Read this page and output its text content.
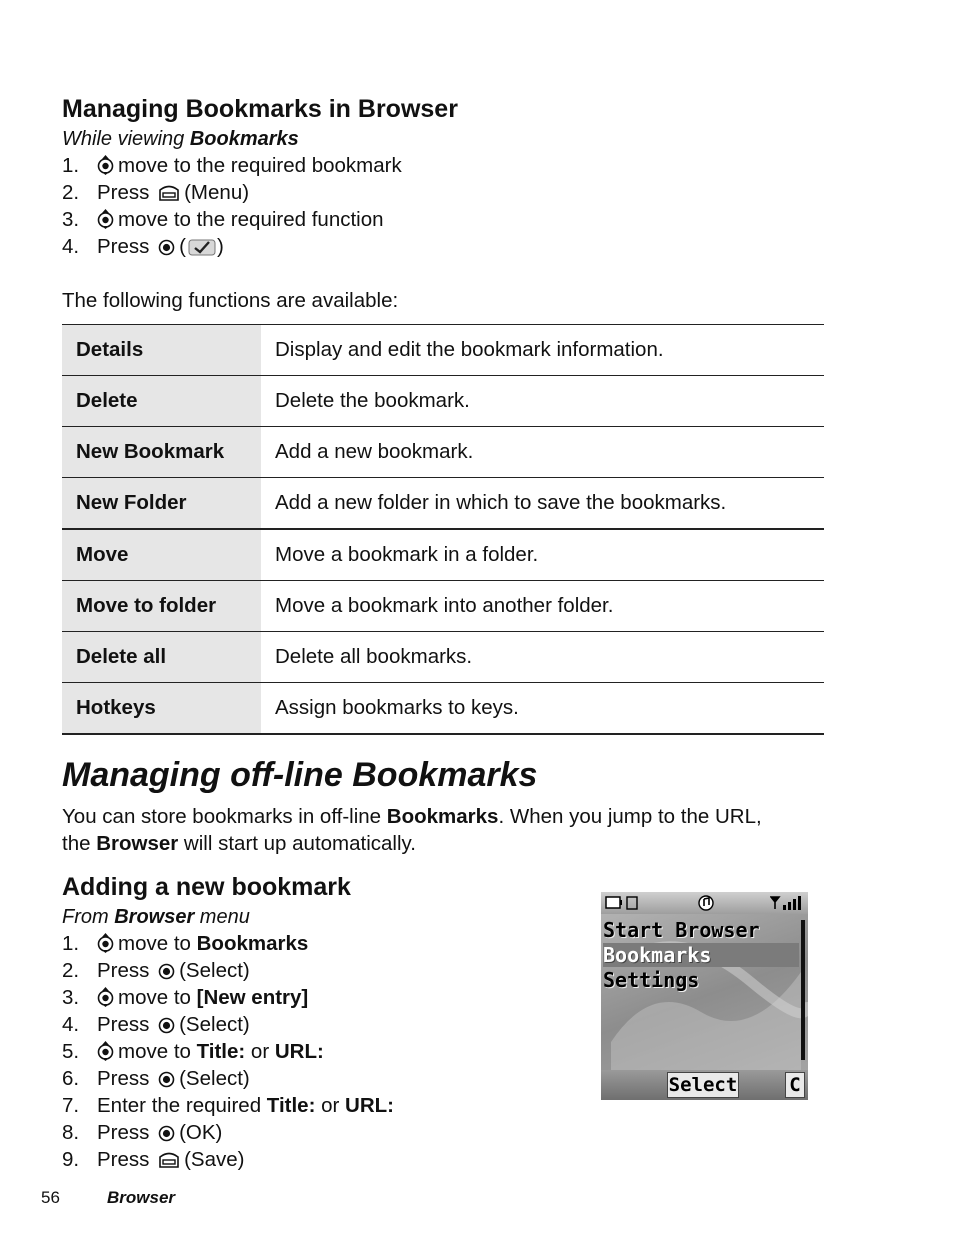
Managing Bookmarks in Browser
While viewing Bookmarks
1. move to the required bookmark
2. Press (Menu)
3. move to the required function
4. Press ( )
The following functions are available:
Details	Display and edit the bookmark information.
Delete	Delete the bookmark.
New Bookmark	Add a new bookmark.
New Folder	Add a new folder in which to save the bookmarks.
Move	Move a bookmark in a folder.
Move to folder	Move a bookmark into another folder.
Delete all	Delete all bookmarks.
Hotkeys	Assign bookmarks to keys.
Managing off-line Bookmarks
You can store bookmarks in off-line Bookmarks. When you jump to the URL,
the Browser will start up automatically.
Adding a new bookmark
From Browser menu
1. move to Bookmarks
2. Press (Select)
3. move to [New entry]
4. Press (Select)
5. move to Title: or URL:
6. Press (Select)
7. Enter the required Title: or URL:
8. Press (OK)
9. Press (Save)
Start Browser
Bookmarks
Settings
Select	C
56	Browser
